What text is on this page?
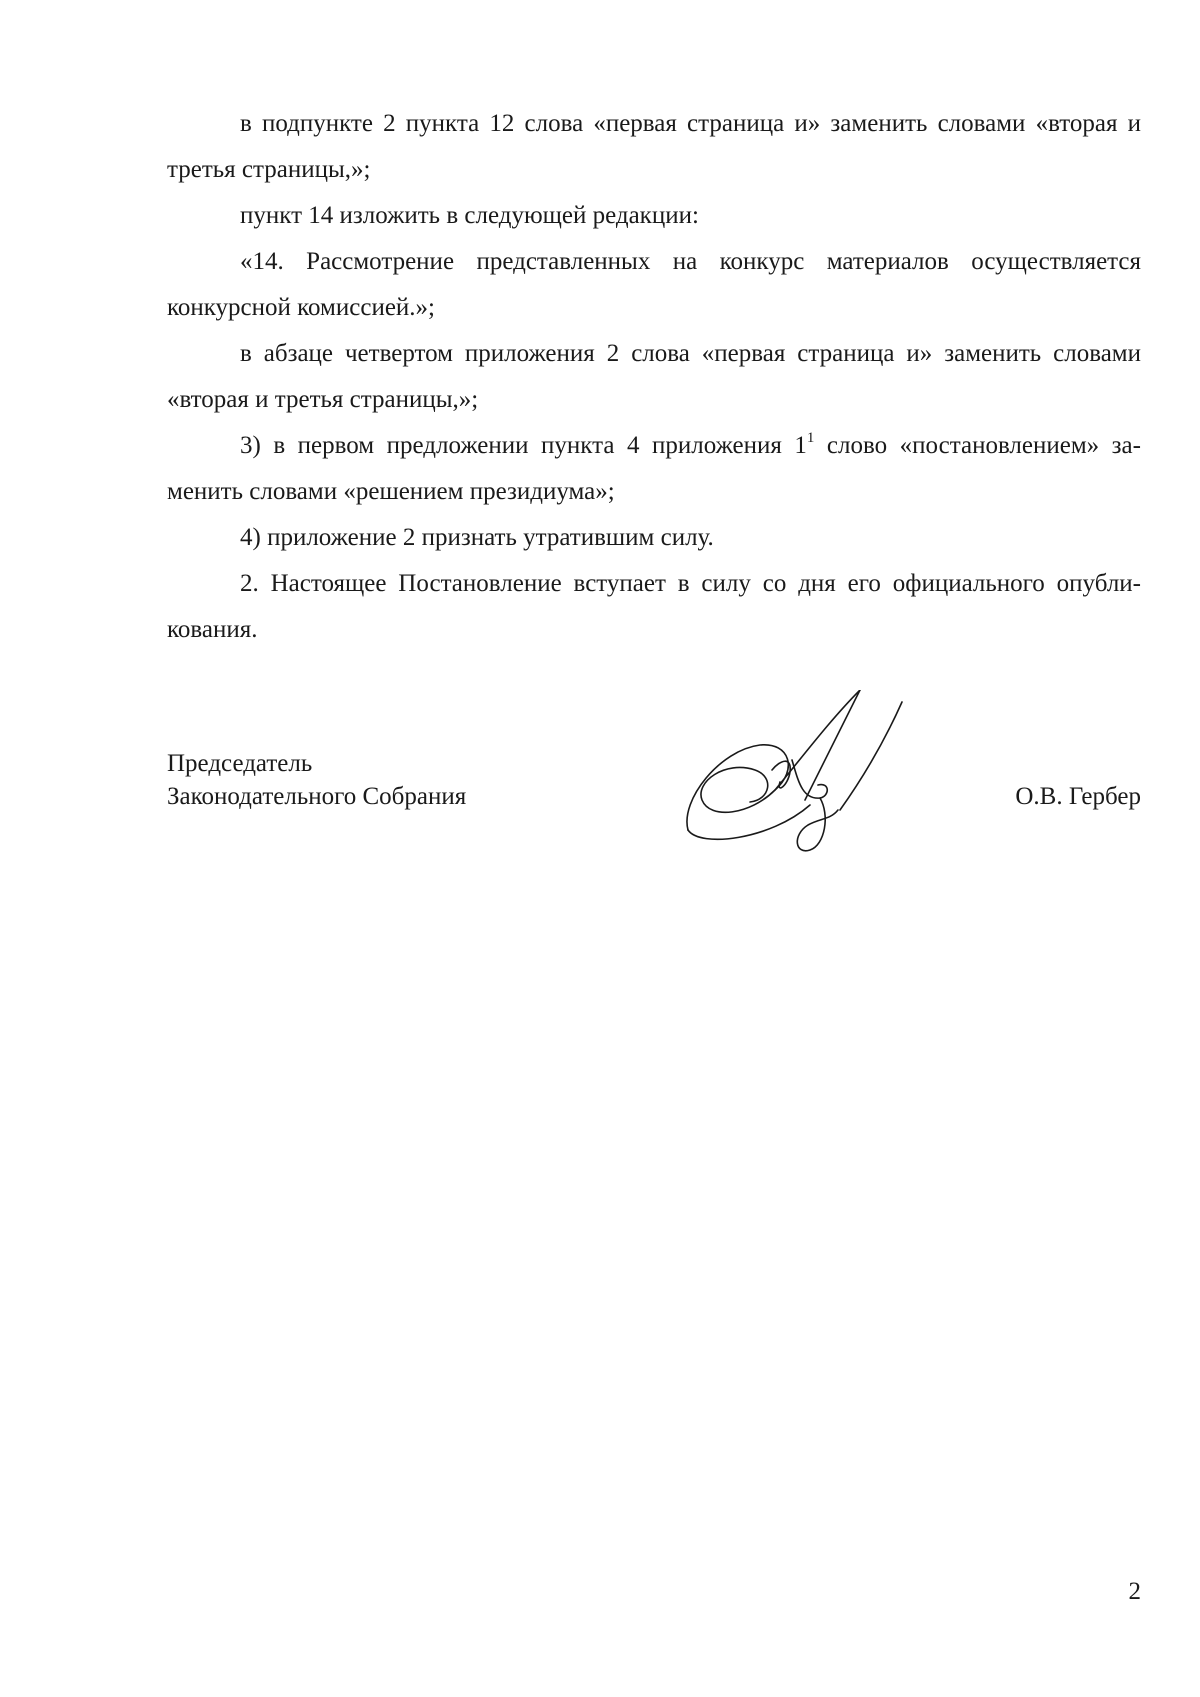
в подпункте 2 пункта 12 слова «первая страница и» заменить словами «вторая и третья страницы,»;

пункт 14 изложить в следующей редакции:

«14. Рассмотрение представленных на конкурс материалов осуществляется конкурсной комиссией.»;

в абзаце четвертом приложения 2 слова «первая страница и» заменить словами «вторая и третья страницы,»;

3) в первом предложении пункта 4 приложения $1^1$ слово «постановлением» заменить словами «решением президиума»;

4) приложение 2 признать утратившим силу.

2. Настоящее Постановление вступает в силу со дня его официального опубликования.

Председатель
Законодательного Собрания	О.В. Гербер
2
